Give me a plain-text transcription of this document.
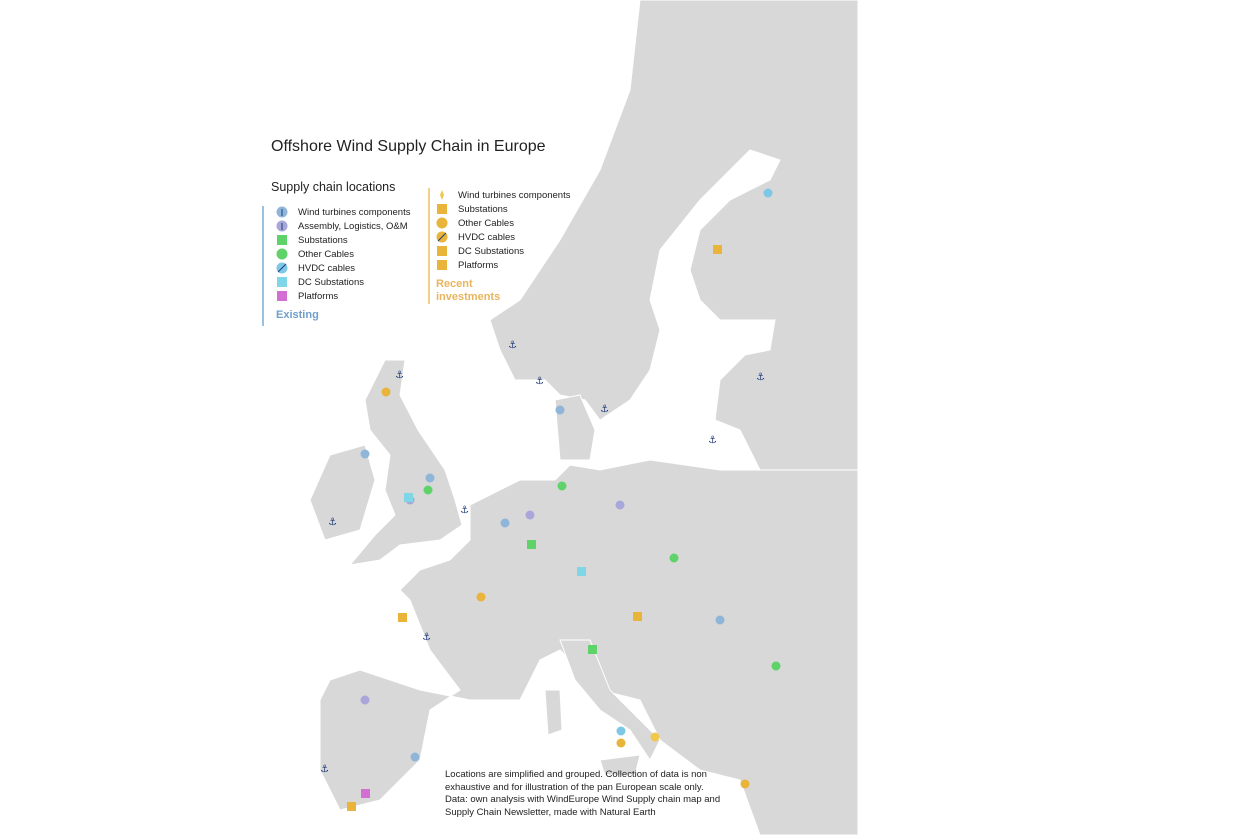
⚓
⚓
⚓
⚓
⚓
⚓
⚓
⚓
⚓
⚓
Offshore Wind Supply Chain in Europe
Supply chain locations
Wind turbines components
Assembly, Logistics, O&M
Substations
Other Cables
HVDC cables
DC Substations
Platforms
Existing
Wind turbines components
Substations
Other Cables
HVDC cables
DC Substations
Platforms
Recent investments
Locations are simplified and grouped. Collection of data is non exhaustive and for illustration of the pan European scale only. Data: own analysis with WindEurope Wind Supply chain map and Supply Chain Newsletter, made with Natural Earth
